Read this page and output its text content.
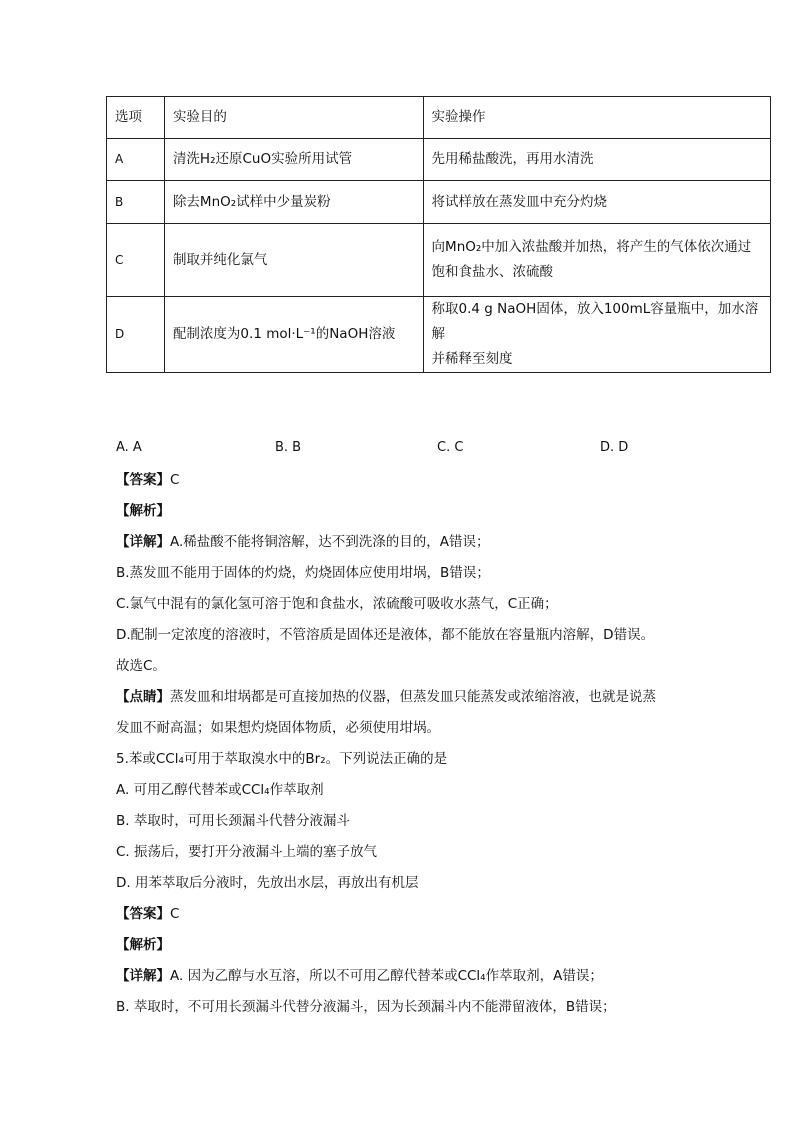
选项	实验目的	实验操作
A	清洗H₂还原CuO实验所用试管	先用稀盐酸洗，再用水清洗

B	除去MnO₂试样中少量炭粉	将试样放在蒸发皿中充分灼烧

C	制取并纯化氯气	向MnO₂中加入浓盐酸并加热，将产生的气体依次通过
饱和食盐水、浓硫酸

D	配制浓度为0.1 mol·L⁻¹的NaOH溶液	称取0.4 g NaOH固体，放入100mL容量瓶中，加水溶解
并稀释至刻度
A. A	B. B	C. C	D. D
【答案】C
【解析】
【详解】A.稀盐酸不能将铜溶解，达不到洗涤的目的，A错误；
B.蒸发皿不能用于固体的灼烧，灼烧固体应使用坩埚，B错误；
C.氯气中混有的氯化氢可溶于饱和食盐水，浓硫酸可吸收水蒸气，C正确；
D.配制一定浓度的溶液时，不管溶质是固体还是液体，都不能放在容量瓶内溶解，D错误。
故选C。
【点睛】蒸发皿和坩埚都是可直接加热的仪器，但蒸发皿只能蒸发或浓缩溶液，也就是说蒸
发皿不耐高温；如果想灼烧固体物质，必须使用坩埚。
5.苯或CCl₄可用于萃取溴水中的Br₂。下列说法正确的是
A. 可用乙醇代替苯或CCl₄作萃取剂
B. 萃取时，可用长颈漏斗代替分液漏斗
C. 振荡后，要打开分液漏斗上端的塞子放气
D. 用苯萃取后分液时，先放出水层，再放出有机层
【答案】C
【解析】
【详解】A. 因为乙醇与水互溶，所以不可用乙醇代替苯或CCl₄作萃取剂，A错误；
B. 萃取时，不可用长颈漏斗代替分液漏斗，因为长颈漏斗内不能滞留液体，B错误；
